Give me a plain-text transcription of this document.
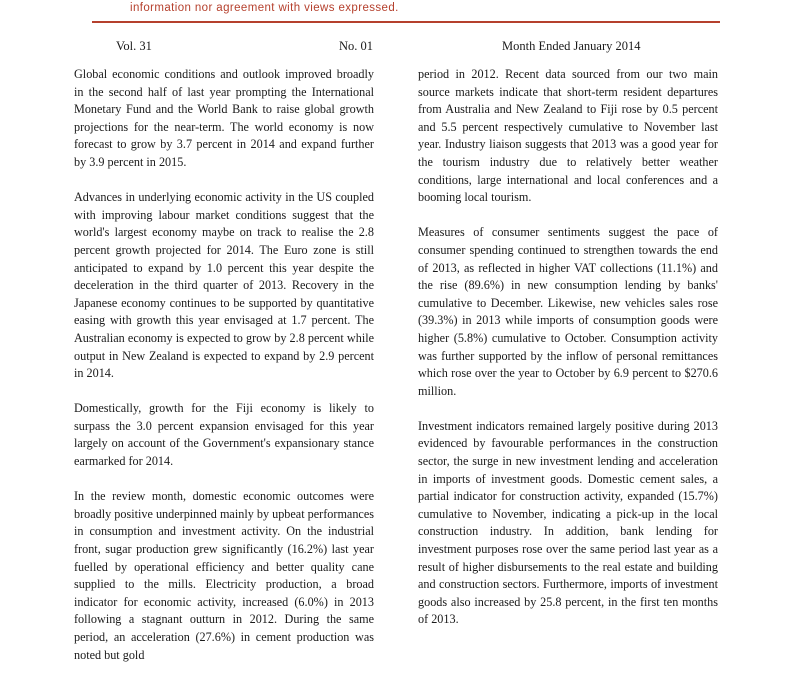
information nor agreement with views expressed.
Vol. 31	No. 01	Month Ended January 2014

Global economic conditions and outlook improved broadly in the second half of last year prompting the International Monetary Fund and the World Bank to raise global growth projections for the near-term. The world economy is now forecast to grow by 3.7 percent in 2014 and expand further by 3.9 percent in 2015.

Advances in underlying economic activity in the US coupled with improving labour market conditions suggest that the world's largest economy maybe on track to realise the 2.8 percent growth projected for 2014. The Euro zone is still anticipated to expand by 1.0 percent this year despite the deceleration in the third quarter of 2013. Recovery in the Japanese economy continues to be supported by quantitative easing with growth this year envisaged at 1.7 percent. The Australian economy is expected to grow by 2.8 percent while output in New Zealand is expected to expand by 2.9 percent in 2014.

Domestically, growth for the Fiji economy is likely to surpass the 3.0 percent expansion envisaged for this year largely on account of the Government's expansionary stance earmarked for 2014.

In the review month, domestic economic outcomes were broadly positive underpinned mainly by upbeat performances in consumption and investment activity. On the industrial front, sugar production grew significantly (16.2%) last year fuelled by operational efficiency and better quality cane supplied to the mills. Electricity production, a broad indicator for economic activity, increased (6.0%) in 2013 following a stagnant outturn in 2012. During the same period, an acceleration (27.6%) in cement production was noted but gold

period in 2012. Recent data sourced from our two main source markets indicate that short-term resident departures from Australia and New Zealand to Fiji rose by 0.5 percent and 5.5 percent respectively cumulative to November last year. Industry liaison suggests that 2013 was a good year for the tourism industry due to relatively better weather conditions, large international and local conferences and a booming local tourism.

Measures of consumer sentiments suggest the pace of consumer spending continued to strengthen towards the end of 2013, as reflected in higher VAT collections (11.1%) and the rise (89.6%) in new consumption lending by banks' cumulative to December. Likewise, new vehicles sales rose (39.3%) in 2013 while imports of consumption goods were higher (5.8%) cumulative to October. Consumption activity was further supported by the inflow of personal remittances which rose over the year to October by 6.9 percent to $270.6 million.

Investment indicators remained largely positive during 2013 evidenced by favourable performances in the construction sector, the surge in new investment lending and acceleration in imports of investment goods. Domestic cement sales, a partial indicator for construction activity, expanded (15.7%) cumulative to November, indicating a pick-up in the local construction industry. In addition, bank lending for investment purposes rose over the same period last year as a result of higher disbursements to the real estate and building and construction sectors. Furthermore, imports of investment goods also increased by 25.8 percent, in the first ten months of 2013.
